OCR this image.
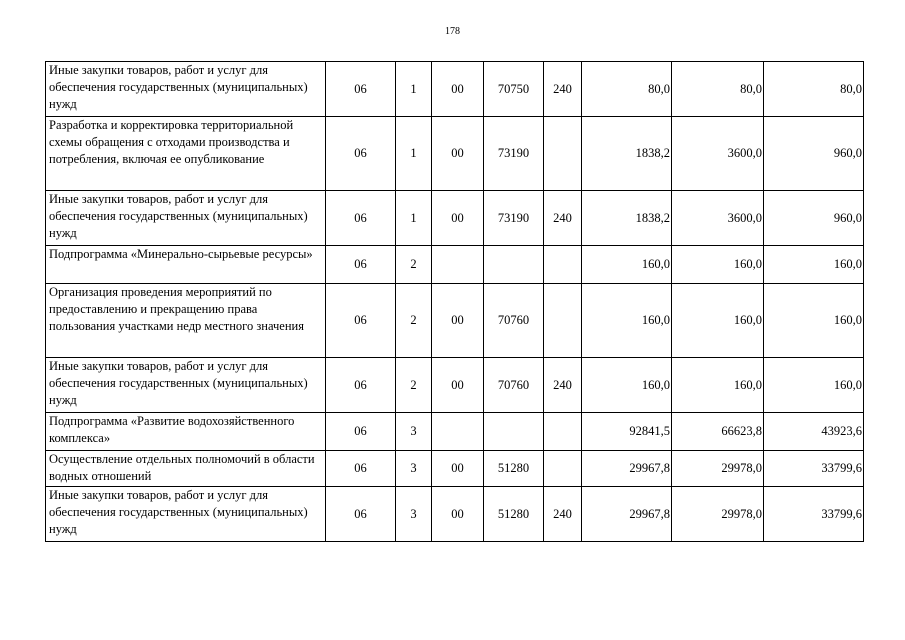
178
Иные закупки товаров, работ и услуг для обеспечения государственных (муниципальных) нужд	06	1	00	70750	240	80,0	80,0	80,0
Разработка и корректировка территориальной схемы обращения с отходами производства и потребления, включая ее опубликование	06	1	00	73190		1838,2	3600,0	960,0
Иные закупки товаров, работ и услуг для обеспечения государственных (муниципальных) нужд	06	1	00	73190	240	1838,2	3600,0	960,0
Подпрограмма «Минерально-сырьевые ресурсы»	06	2				160,0	160,0	160,0
Организация проведения мероприятий по предоставлению и прекращению права пользования участками недр местного значения	06	2	00	70760		160,0	160,0	160,0
Иные закупки товаров, работ и услуг для обеспечения государственных (муниципальных) нужд	06	2	00	70760	240	160,0	160,0	160,0
Подпрограмма «Развитие водохозяйственного комплекса»	06	3				92841,5	66623,8	43923,6
Осуществление отдельных полномочий в области водных отношений	06	3	00	51280		29967,8	29978,0	33799,6
Иные закупки товаров, работ и услуг для обеспечения государственных (муниципальных) нужд	06	3	00	51280	240	29967,8	29978,0	33799,6
